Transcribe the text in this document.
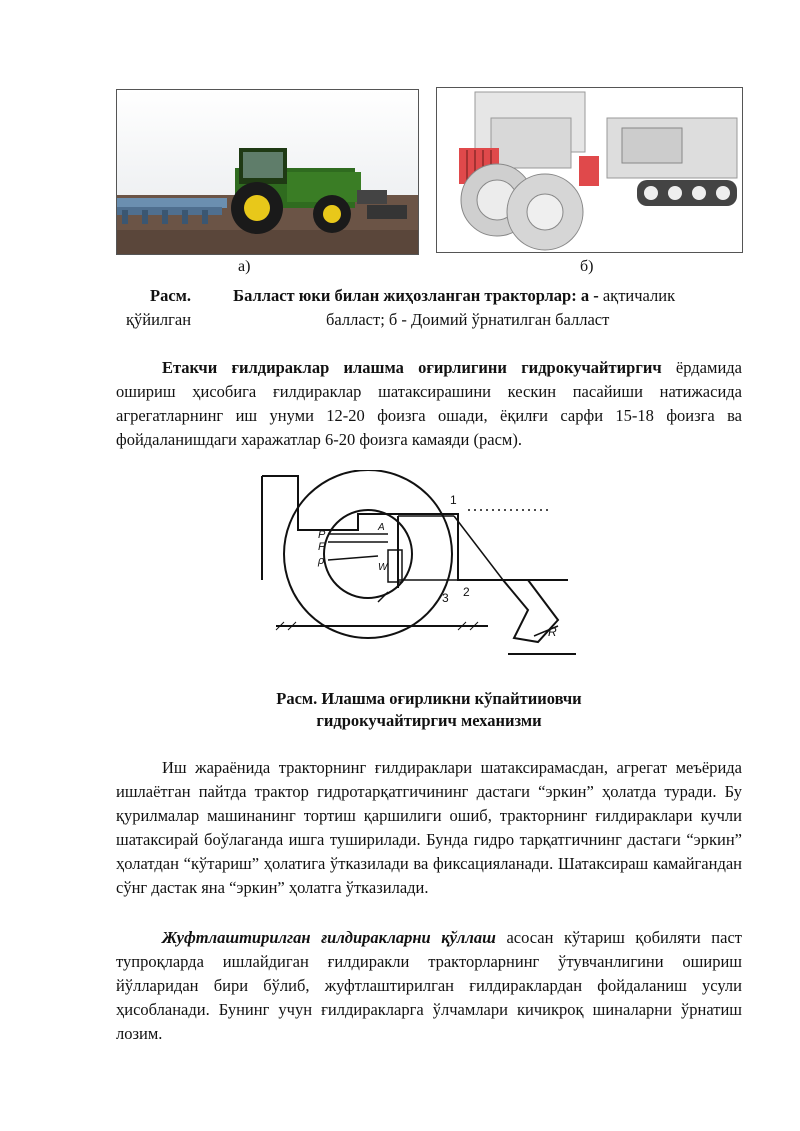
а)	б)
Расм.	Балласт юки билан жиҳозланган тракторлар: а - ақтичалик
қўйилган	балласт; б - Доимий ўрнатилган балласт

Етакчи ғилдираклар илашма оғирлигини гидрокучайтиргич ёрдамида ошириш ҳисобига ғилдираклар шатаксирашини кескин пасайиши натижасида агрегатларнинг иш унуми 12-20 фоизга ошади, ёқилғи сарфи 15-18 фоизга ва фойдаланишдаги харажатлар 6-20 фоизга камаяди (расм).

1
2
3
P
F
ρ
A
W
R
Расм. Илашма оғирликни кўпайтииовчи
гидрокучайтиргич механизми

Иш жараёнида тракторнинг ғилдираклари шатаксирамасдан, агрегат меъёрида ишлаётган пайтда трактор гидротарқатгичининг дастаги “эркин” ҳолатда туради. Бу қурилмалар машинанинг тортиш қаршилиги ошиб, тракторнинг ғилдираклари кучли шатаксирай боўлаганда ишга туширилади. Бунда гидро тарқатгичнинг дастаги “эркин” ҳолатдан “кўтариш” ҳолатига ўтказилади ва фиксацияланади. Шатаксираш камайгандан сўнг дастак яна “эркин” ҳолатга ўтказилади.

Жуфтлаштирилган ғилдиракларни қўллаш асосан кўтариш қобиляти паст тупроқларда ишлайдиган ғилдиракли тракторларнинг ўтувчанлигини ошириш йўлларидан бири бўлиб, жуфтлаштирилган ғилдираклардан фойдаланиш усули ҳисобланади. Бунинг учун ғилдиракларга ўлчамлари кичикроқ шиналарни ўрнатиш лозим.
